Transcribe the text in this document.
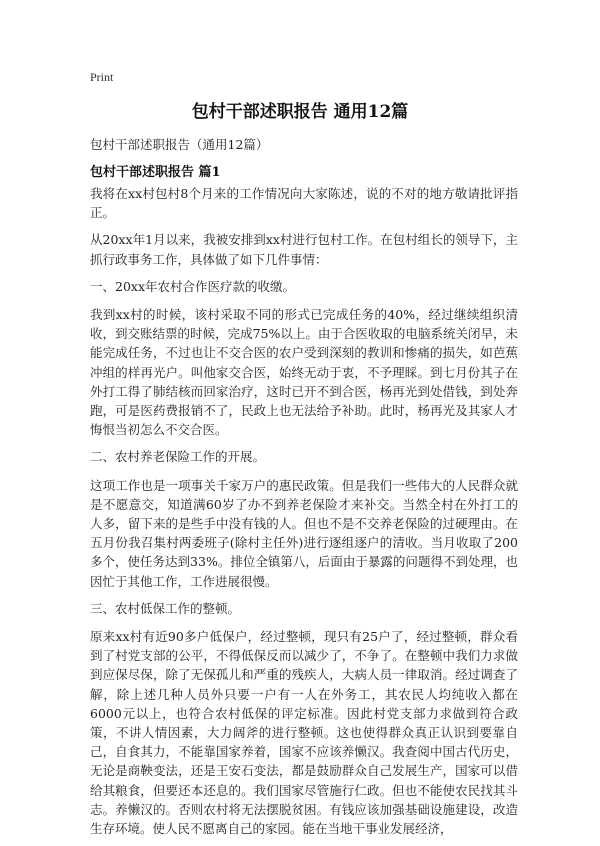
Print
包村干部述职报告 通用12篇
包村干部述职报告（通用12篇）
包村干部述职报告 篇1

我将在xx村包村8个月来的工作情况向大家陈述，说的不对的地方敬请批评指正。

从20xx年1月以来，我被安排到xx村进行包村工作。在包村组长的领导下，主抓行政事务工作，具体做了如下几件事情：

一、20xx年农村合作医疗款的收缴。

我到xx村的时候，该村采取不同的形式已完成任务的40%，经过继续组织清收，到交账结票的时候，完成75%以上。由于合医收取的电脑系统关闭早，未能完成任务，不过也让不交合医的农户受到深刻的教训和惨痛的损失，如芭蕉冲组的样再光户。叫他家交合医，始终无动于衷，不予理睬。到七月份其子在外打工得了肺结核而回家治疗，这时已开不到合医，杨再光到处借钱，到处奔跑，可是医药费报销不了，民政上也无法给予补助。此时，杨再光及其家人才悔恨当初怎么不交合医。

二、农村养老保险工作的开展。

这项工作也是一项事关千家万户的惠民政策。但是我们一些伟大的人民群众就是不愿意交，知道满60岁了办不到养老保险才来补交。当然全村在外打工的人多，留下来的是些手中没有钱的人。但也不是不交养老保险的过硬理由。在五月份我召集村两委班子(除村主任外)进行逐组逐户的清收。当月收取了200多个，使任务达到33%。排位全镇第八，后面由于暴露的问题得不到处理，也因忙于其他工作，工作进展很慢。

三、农村低保工作的整顿。

原来xx村有近90多户低保户，经过整顿，现只有25户了，经过整顿，群众看到了村党支部的公平，不得低保反而以减少了，不争了。在整顿中我们力求做到应保尽保，除了无保孤儿和严重的残疾人，大病人员一律取消。经过调查了解，除上述几种人员外只要一户有一人在外务工，其农民人均纯收入都在6000元以上，也符合农村低保的评定标准。因此村党支部力求做到符合政策，不讲人情因素，大力阔斧的进行整顿。这也使得群众真正认识到要靠自己，自食其力，不能靠国家养着，国家不应该养懒汉。我查阅中国古代历史，无论是商鞅变法，还是王安石变法，都是鼓励群众自己发展生产，国家可以借给其粮食，但要还本还息的。我们国家尽管施行仁政。但也不能使农民找其斗志。养懒汉的。否则农村将无法摆脱贫困。有钱应该加强基础设施建设，改造生存环境。使人民不愿离自己的家园。能在当地干事业发展经济，
